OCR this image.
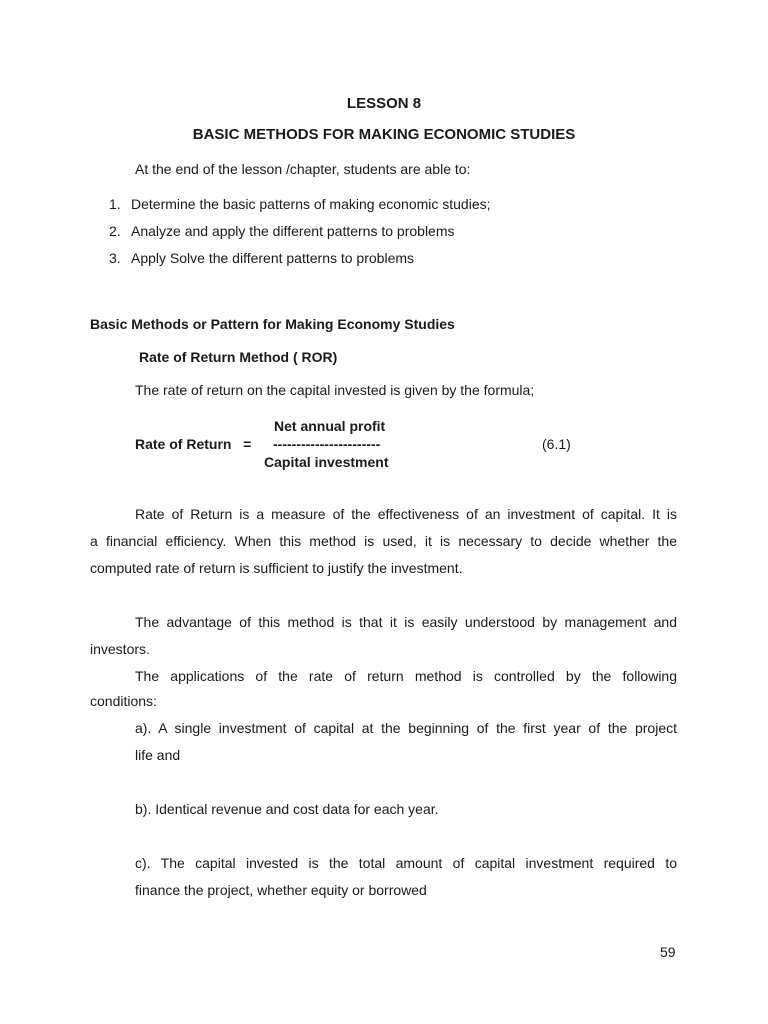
LESSON 8
BASIC METHODS FOR MAKING ECONOMIC STUDIES
At the end of the lesson /chapter, students are able to:
1. Determine the basic patterns of making economic studies;
2. Analyze and apply the different patterns to problems
3. Apply Solve the different patterns to problems
Basic Methods or Pattern for Making Economy Studies
Rate of Return Method ( ROR)
The rate of return on the capital invested is given by the formula;
Net annual profit
Rate of Return   = -----------------------	(6.1)
Capital investment
Rate of Return is a measure of the effectiveness of an investment of capital. It is
a financial efficiency. When this method is used, it is necessary to decide whether the
computed rate of return is sufficient to justify the investment.
The advantage of this method is that it is easily understood by management and
investors.
The applications of the rate of return method is controlled by the following
conditions:
a). A single investment of capital at the beginning of the first year of the project
life and
b). Identical revenue and cost data for each year.
c). The capital invested is the total amount of capital investment required to
finance the project, whether equity or borrowed
59
